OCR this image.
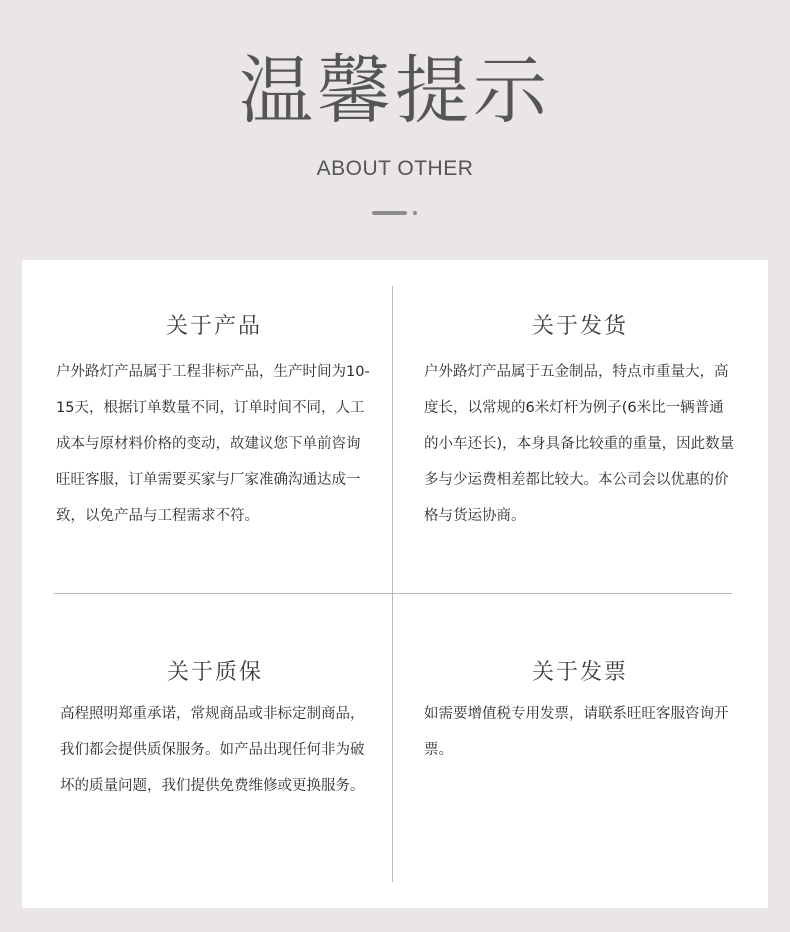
温馨提示
ABOUT OTHER
关于产品

户外路灯产品属于工程非标产品，生产时间为10-15天，根据订单数量不同，订单时间不同，人工成本与原材料价格的变动，故建议您下单前咨询旺旺客服，订单需要买家与厂家准确沟通达成一致，以免产品与工程需求不符。

关于发货

户外路灯产品属于五金制品，特点市重量大，高度长，以常规的6米灯杆为例子(6米比一辆普通的小车还长)，本身具备比较重的重量，因此数量多与少运费相差都比较大。本公司会以优惠的价格与货运协商。

关于质保

高程照明郑重承诺，常规商品或非标定制商品，我们都会提供质保服务。如产品出现任何非为破坏的质量问题，我们提供免费维修或更换服务。

关于发票

如需要增值税专用发票，请联系旺旺客服咨询开票。
